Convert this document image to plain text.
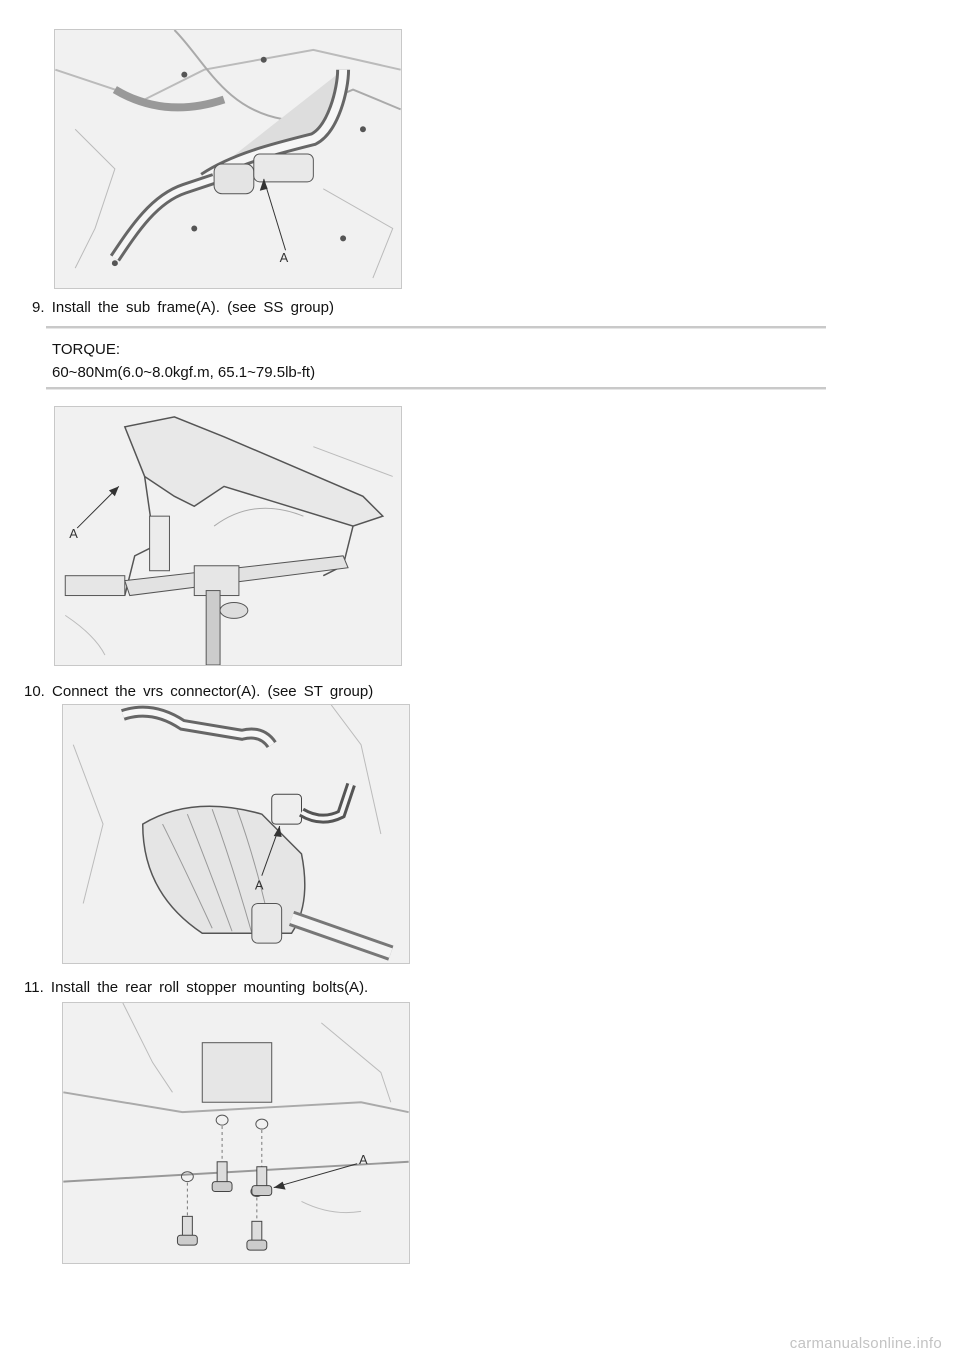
A
9. Install the sub frame(A). (see SS group)
TORQUE:
60~80Nm(6.0~8.0kgf.m, 65.1~79.5lb-ft)
A
10. Connect the vrs connector(A). (see ST group)
A
11. Install the rear roll stopper mounting bolts(A).
A
carmanualsonline.info
